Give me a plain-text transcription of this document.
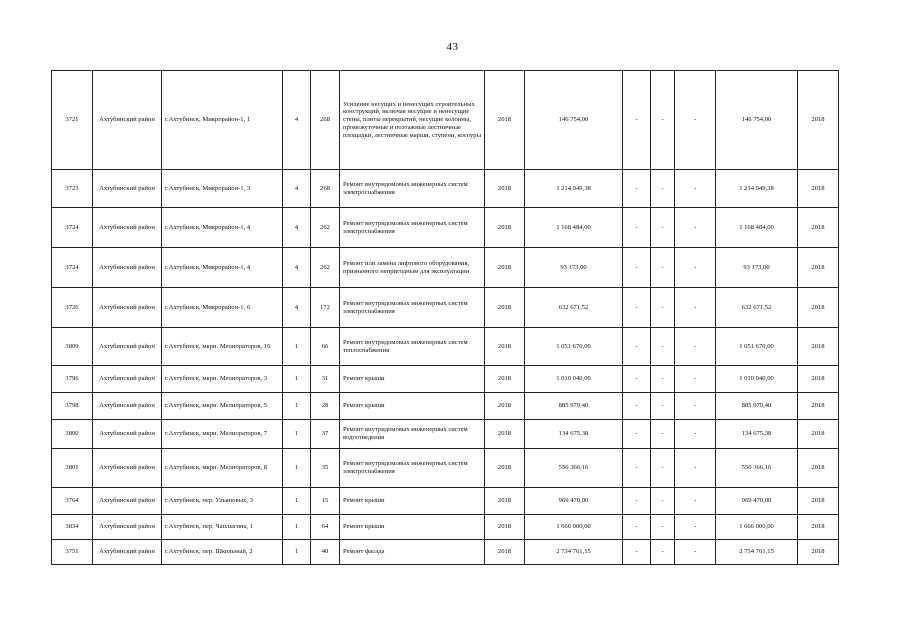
43
3721	Ахтубинский район	г.Ахтубинск, Микрорайон-1, 1	4	268	Усиление несущих и ненесущих строительных конструкций, включая несущие и ненесущие стены, плиты перекрытий, несущие колонны, промежуточные и поэтажные лестничные площадки, лестничные марши, ступени, косоуры	2018	146 754,00	-	-	-	146 754,00	2018
3723	Ахтубинский район	г.Ахтубинск, Микрорайон-1, 3	4	268	Ремонт внутридомовых инженерных систем электроснабжения	2018	1 214 949,38	-	-	-	1 214 949,38	2018
3724	Ахтубинский район	г.Ахтубинск, Микрорайон-1, 4	4	262	Ремонт внутридомовых инженерных систем электроснабжения	2018	1 168 484,00	-	-	-	1 168 484,00	2018
3724	Ахтубинский район	г.Ахтубинск, Микрорайон-1, 4	4	262	Ремонт или замена лифтового оборудования, признанного непригодным для эксплуатации	2018	93 173,00	-	-	-	93 173,00	2018
3726	Ахтубинский район	г.Ахтубинск, Микрорайон-1, 6	4	172	Ремонт внутридомовых инженерных систем электроснабжения	2018	632 671,52	-	-	-	632 671,52	2018
3809	Ахтубинский район	г.Ахтубинск, мкрн. Мелиораторов, 16	1	66	Ремонт внутридомовых инженерных систем теплоснабжения	2018	1 051 670,00	-	-	-	1 051 670,00	2018
3796	Ахтубинский район	г.Ахтубинск, мкрн. Мелиораторов, 3	1	31	Ремонт крыши	2018	1 010 040,00	-	-	-	1 010 040,00	2018
3798	Ахтубинский район	г.Ахтубинск, мкрн. Мелиораторов, 5	1	28	Ремонт крыши	2018	885 979,40	-	-	-	885 979,40	2018
3800	Ахтубинский район	г.Ахтубинск, мкрн. Мелиораторов, 7	1	37	Ремонт внутридомовых инженерных систем водоотведения	2018	134 675,38	-	-	-	134 675,38	2018
3801	Ахтубинский район	г.Ахтубинск, мкрн. Мелиораторов, 8	1	35	Ремонт внутридомовых инженерных систем электроснабжения	2018	550 366,16	-	-	-	550 366,16	2018
3764	Ахтубинский район	г.Ахтубинск, пер. Ульяновых, 3	1	15	Ремонт крыши	2018	969 470,00	-	-	-	969 470,00	2018
3834	Ахтубинский район	г.Ахтубинск, пер. Чаплыгина, 1	1	64	Ремонт крыши	2018	1 666 000,00	-	-	-	1 666 000,00	2018
3751	Ахтубинский район	г.Ахтубинск, пер. Школьный, 2	1	40	Ремонт фасада	2018	2 734 761,15	-	-	-	2 734 761,15	2018
